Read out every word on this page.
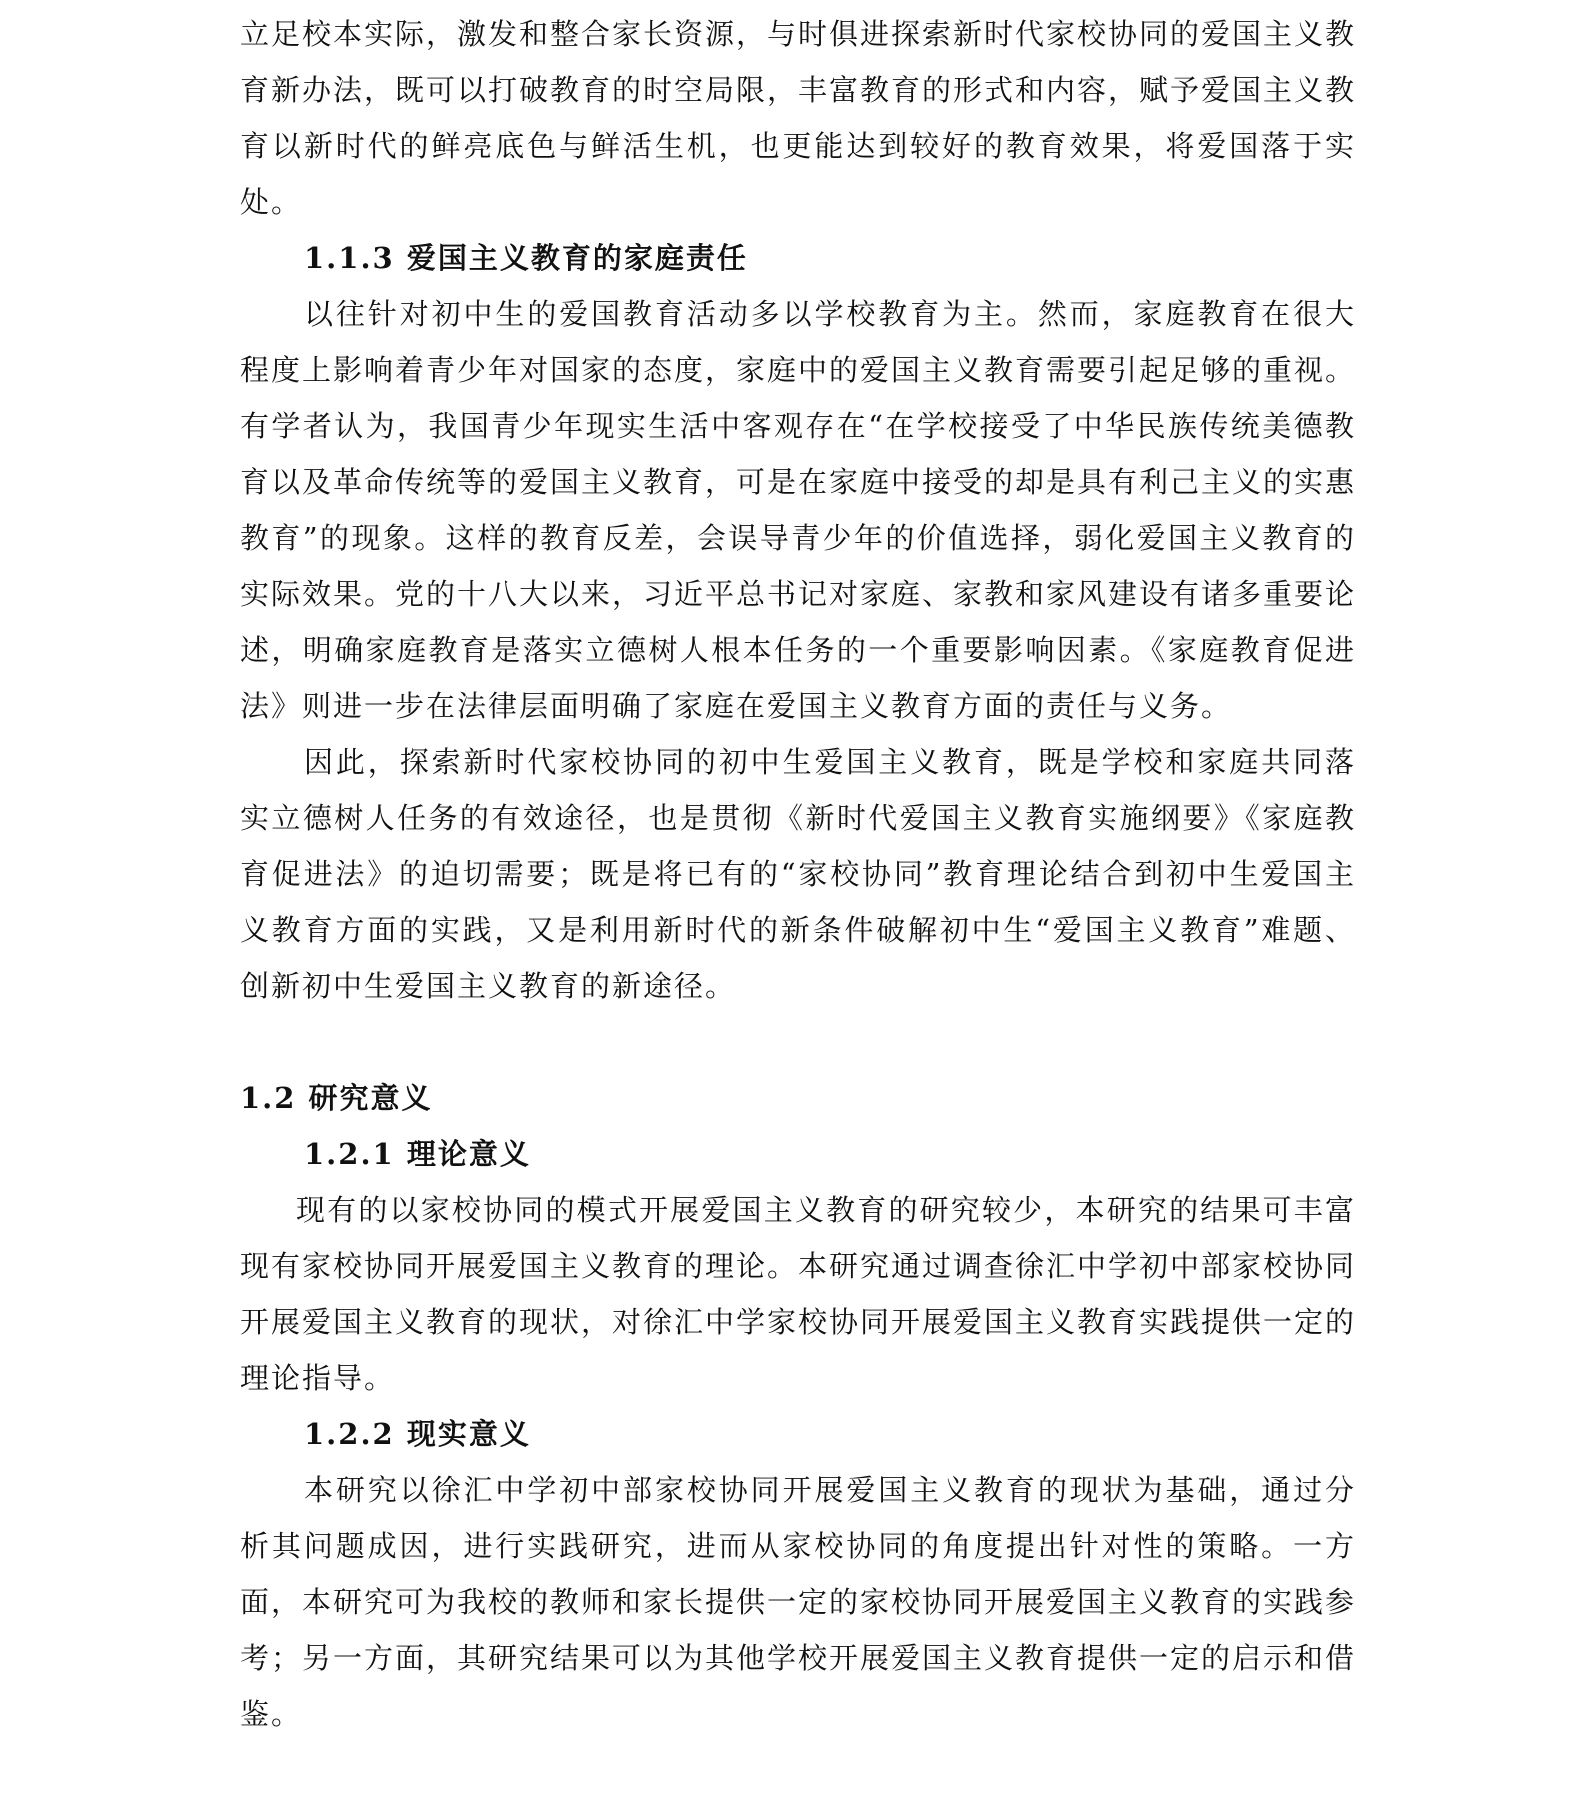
立足校本实际，激发和整合家长资源，与时俱进探索新时代家校协同的爱国主义教育新办法，既可以打破教育的时空局限，丰富教育的形式和内容，赋予爱国主义教育以新时代的鲜亮底色与鲜活生机，也更能达到较好的教育效果，将爱国落于实处。

1.1.3 爱国主义教育的家庭责任

以往针对初中生的爱国教育活动多以学校教育为主。然而，家庭教育在很大程度上影响着青少年对国家的态度，家庭中的爱国主义教育需要引起足够的重视。有学者认为，我国青少年现实生活中客观存在“在学校接受了中华民族传统美德教育以及革命传统等的爱国主义教育，可是在家庭中接受的却是具有利己主义的实惠教育”的现象。这样的教育反差，会误导青少年的价值选择，弱化爱国主义教育的实际效果。党的十八大以来，习近平总书记对家庭、家教和家风建设有诸多重要论述，明确家庭教育是落实立德树人根本任务的一个重要影响因素。《家庭教育促进法》则进一步在法律层面明确了家庭在爱国主义教育方面的责任与义务。

因此，探索新时代家校协同的初中生爱国主义教育，既是学校和家庭共同落实立德树人任务的有效途径，也是贯彻《新时代爱国主义教育实施纲要》《家庭教育促进法》的迫切需要；既是将已有的“家校协同”教育理论结合到初中生爱国主义教育方面的实践，又是利用新时代的新条件破解初中生“爱国主义教育”难题、创新初中生爱国主义教育的新途径。

1.2 研究意义

1.2.1 理论意义

现有的以家校协同的模式开展爱国主义教育的研究较少，本研究的结果可丰富现有家校协同开展爱国主义教育的理论。本研究通过调查徐汇中学初中部家校协同开展爱国主义教育的现状，对徐汇中学家校协同开展爱国主义教育实践提供一定的理论指导。

1.2.2 现实意义

本研究以徐汇中学初中部家校协同开展爱国主义教育的现状为基础，通过分析其问题成因，进行实践研究，进而从家校协同的角度提出针对性的策略。一方面，本研究可为我校的教师和家长提供一定的家校协同开展爱国主义教育的实践参考；另一方面，其研究结果可以为其他学校开展爱国主义教育提供一定的启示和借鉴。
